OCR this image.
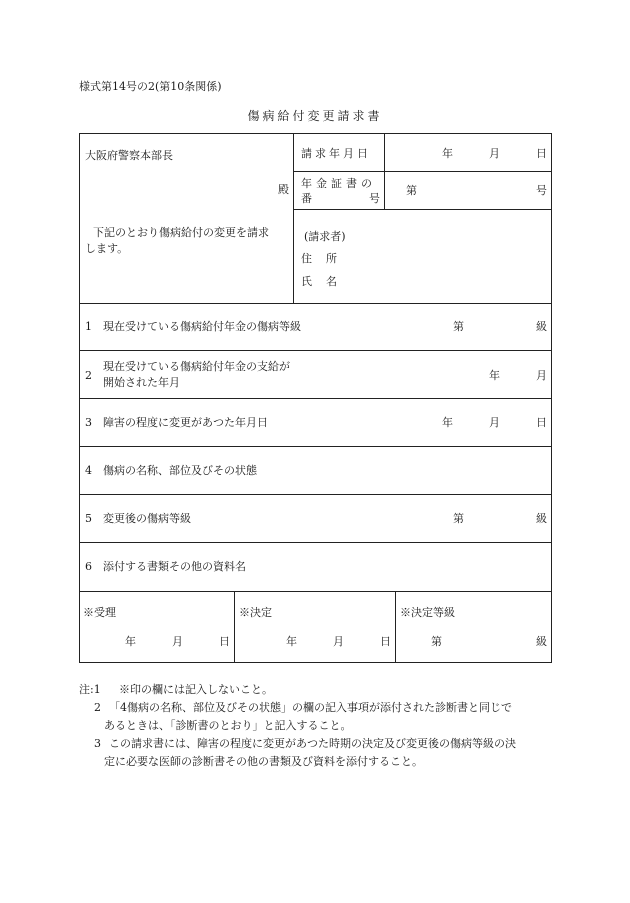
様式第14号の2(第10条関係)
傷病給付変更請求書
大阪府警察本部長
殿
下記のとおり傷病給付の変更を請求
します。
請求年月日	年	月	日
年金証書の
番	号
第	号
(請求者)
住 所
氏 名
1 現在受けている傷病給付年金の傷病等級	第	級
2
現在受けている傷病給付年金の支給が
開始された年月
年	月
3 障害の程度に変更があつた年月日	年	月	日
4 傷病の名称、部位及びその状態
5 変更後の傷病等級	第	級
6 添付する書類その他の資料名
※受理
年	月	日
※決定
年	月	日
※決定等級
第	級
注:1 ※印の欄には記入しないこと。
2 「4傷病の名称、部位及びその状態」の欄の記入事項が添付された診断書と同じで
あるときは、「診断書のとおり」と記入すること。
3 この請求書には、障害の程度に変更があつた時期の決定及び変更後の傷病等級の決
定に必要な医師の診断書その他の書類及び資料を添付すること。
